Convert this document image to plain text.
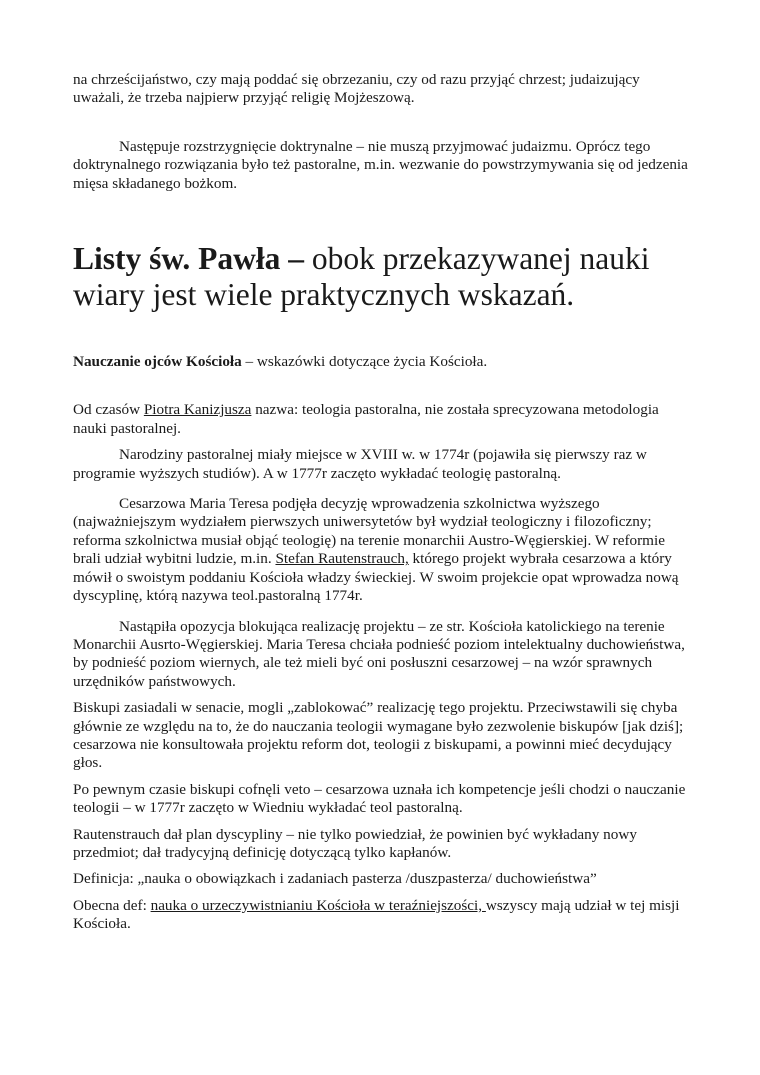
na chrześcijaństwo, czy mają poddać się obrzezaniu, czy od razu przyjąć chrzest; judaizujący uważali, że trzeba najpierw przyjąć religię Mojżeszową.

Następuje rozstrzygnięcie doktrynalne – nie muszą przyjmować judaizmu. Oprócz tego doktrynalnego rozwiązania było też pastoralne, m.in. wezwanie do powstrzymywania się od jedzenia mięsa składanego bożkom.

Listy św. Pawła – obok przekazywanej nauki wiary jest wiele praktycznych wskazań.

Nauczanie ojców Kościoła – wskazówki dotyczące życia Kościoła.

Od czasów Piotra Kanizjusza nazwa: teologia pastoralna, nie została sprecyzowana metodologia nauki pastoralnej.

Narodziny pastoralnej miały miejsce w XVIII w. w 1774r (pojawiła się pierwszy raz w programie wyższych studiów). A w 1777r zaczęto wykładać teologię pastoralną.

Cesarzowa Maria Teresa podjęła decyzję wprowadzenia szkolnictwa wyższego (najważniejszym wydziałem pierwszych uniwersytetów był wydział teologiczny i filozoficzny; reforma szkolnictwa musiał objąć teologię) na terenie monarchii Austro-Węgierskiej. W reformie brali udział wybitni ludzie, m.in. Stefan Rautenstrauch, którego projekt wybrała cesarzowa a który mówił o swoistym poddaniu Kościoła władzy świeckiej. W swoim projekcie opat wprowadza nową dyscyplinę, którą nazywa teol.pastoralną 1774r.

Nastąpiła opozycja blokująca realizację projektu – ze str. Kościoła katolickiego na terenie Monarchii Ausrto-Węgierskiej. Maria Teresa chciała podnieść poziom intelektualny duchowieństwa, by podnieść poziom wiernych, ale też mieli być oni posłuszni cesarzowej – na wzór sprawnych urzędników państwowych.

Biskupi zasiadali w senacie, mogli „zablokować” realizację tego projektu. Przeciwstawili się chyba głównie ze względu na to, że do nauczania teologii wymagane było zezwolenie biskupów [jak dziś]; cesarzowa nie konsultowała projektu reform dot, teologii z biskupami, a powinni mieć decydujący głos.

Po pewnym czasie biskupi cofnęli veto – cesarzowa uznała ich kompetencje jeśli chodzi o nauczanie teologii – w 1777r zaczęto w Wiedniu wykładać teol pastoralną.

Rautenstrauch dał plan dyscypliny – nie tylko powiedział, że powinien być wykładany nowy przedmiot; dał tradycyjną definicję dotyczącą tylko kapłanów.

Definicja: „nauka o obowiązkach i zadaniach pasterza /duszpasterza/ duchowieństwa”

Obecna def: nauka o urzeczywistnianiu Kościoła w teraźniejszości, wszyscy mają udział w tej misji Kościoła.
